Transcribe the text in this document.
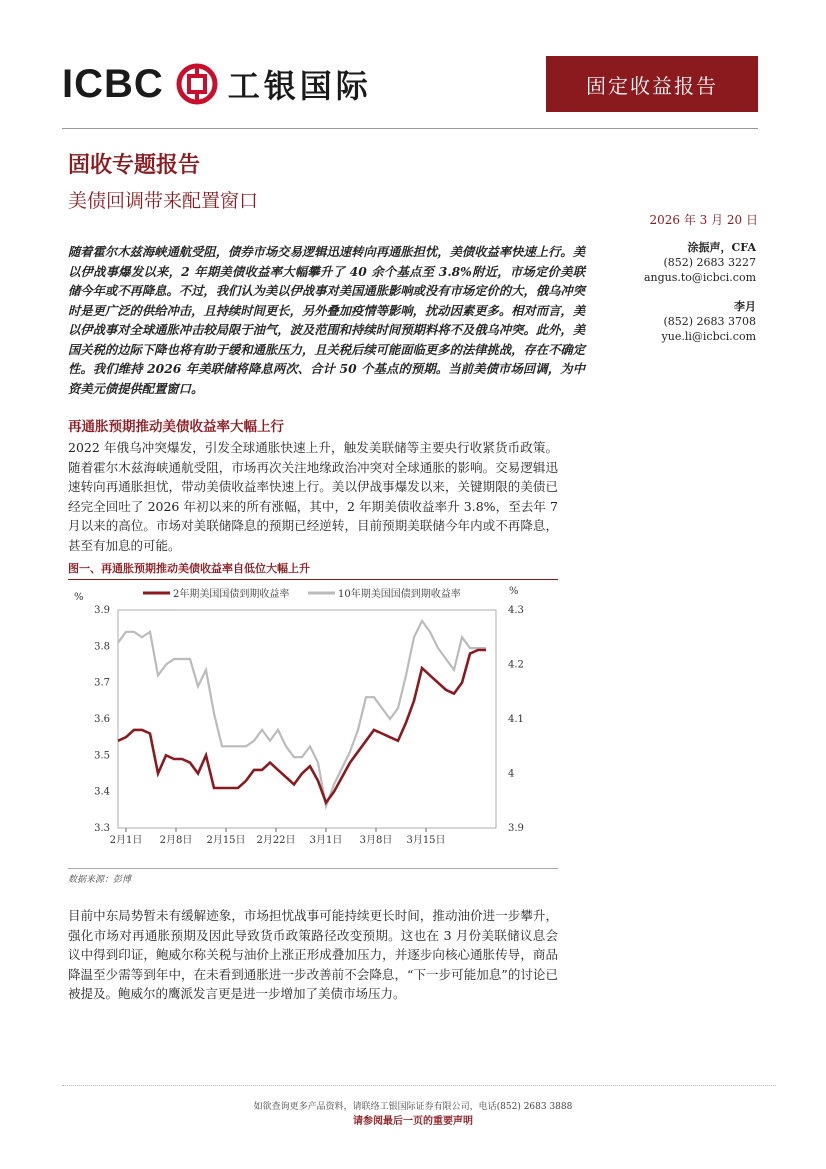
ICBC 工银国际	固定收益报告
固收专题报告
美债回调带来配置窗口
2026 年 3 月 20 日
涂振声，CFA
(852) 2683 3227
angus.to@icbci.com
李月
(852) 2683 3708
yue.li@icbci.com
随着霍尔木兹海峡通航受阻，债券市场交易逻辑迅速转向再通胀担忧，美债收益率快速上行。美以伊战事爆发以来，2 年期美债收益率大幅攀升了 40 余个基点至 3.8%附近，市场定价美联储今年或不再降息。不过，我们认为美以伊战事对美国通胀影响或没有市场定价的大，俄乌冲突时是更广泛的供给冲击，且持续时间更长，另外叠加疫情等影响，扰动因素更多。相对而言，美以伊战事对全球通胀冲击较局限于油气，波及范围和持续时间预期料将不及俄乌冲突。此外，美国关税的边际下降也将有助于缓和通胀压力，且关税后续可能面临更多的法律挑战，存在不确定性。我们维持 2026 年美联储将降息两次、合计 50 个基点的预期。当前美债市场回调，为中资美元债提供配置窗口。
再通胀预期推动美债收益率大幅上行
2022 年俄乌冲突爆发，引发全球通胀快速上升，触发美联储等主要央行收紧货币政策。随着霍尔木兹海峡通航受阻，市场再次关注地缘政治冲突对全球通胀的影响。交易逻辑迅速转向再通胀担忧，带动美债收益率快速上行。美以伊战事爆发以来，关键期限的美债已经完全回吐了 2026 年初以来的所有涨幅，其中，2 年期美债收益率升 3.8%，至去年 7 月以来的高位。市场对美联储降息的预期已经逆转，目前预期美联储今年内或不再降息，甚至有加息的可能。
图一、再通胀预期推动美债收益率自低位大幅上升
%
%
2年期美国国债到期收益率	10年期美国国债到期收益率
3.3
3.4
3.5
3.6
3.7
3.8
3.9
3.9
4
4.1
4.2
4.3
2月1日 2月8日 2月15日 2月22日 3月1日 3月8日 3月15日
数据来源：彭博
目前中东局势暂未有缓解迹象，市场担忧战事可能持续更长时间，推动油价进一步攀升，强化市场对再通胀预期及因此导致货币政策路径改变预期。这也在 3 月份美联储议息会议中得到印证，鲍威尔称关税与油价上涨正形成叠加压力，并逐步向核心通胀传导，商品降温至少需等到年中，在未看到通胀进一步改善前不会降息，“下一步可能加息”的讨论已被提及。鲍威尔的鹰派发言更是进一步增加了美债市场压力。
如欲查询更多产品资料，请联络工银国际证券有限公司，电话(852) 2683 3888
请参阅最后一页的重要声明
